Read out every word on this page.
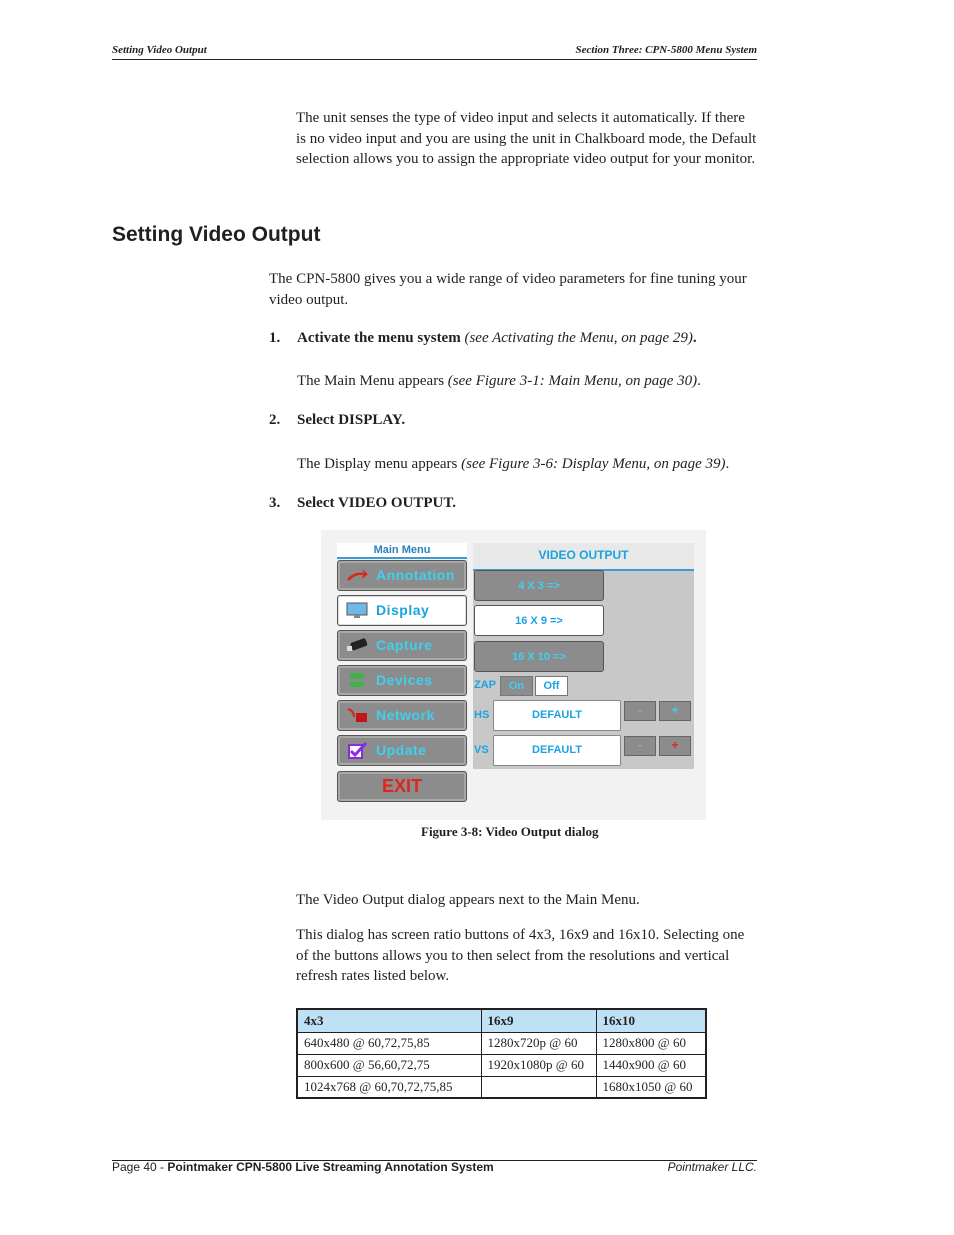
Setting Video Output	Section Three: CPN-5800 Menu System
The unit senses the type of video input and selects it automatically. If there is no video input and you are using the unit in Chalkboard mode, the Default selection allows you to assign the appropriate video output for your monitor.
Setting Video Output
The CPN-5800 gives you a wide range of video parameters for fine tuning your video output.
1. Activate the menu system (see Activating the Menu, on page 29).
The Main Menu appears (see Figure 3-1: Main Menu, on page 30).
2. Select DISPLAY.
The Display menu appears (see Figure 3-6: Display Menu, on page 39).
3. Select VIDEO OUTPUT.
Main Menu
Annotation
Display
Capture
Devices
Network
Update
EXIT
VIDEO OUTPUT
4 X 3 =>
16 X 9 =>
16 X 10 =>
ZAP	On	Off
HS	DEFAULT	-	+
VS	DEFAULT	-	+
Figure 3-8: Video Output dialog
The Video Output dialog appears next to the Main Menu.
This dialog has screen ratio buttons of 4x3, 16x9 and 16x10. Selecting one of the buttons allows you to then select from the resolutions and vertical refresh rates listed below.
4x3	16x9	16x10
640x480 @ 60,72,75,85	1280x720p @ 60	1280x800 @ 60
800x600 @ 56,60,72,75	1920x1080p @ 60	1440x900 @ 60
1024x768 @ 60,70,72,75,85		1680x1050 @ 60
Page 40 - Pointmaker CPN-5800 Live Streaming Annotation System	Pointmaker LLC.
